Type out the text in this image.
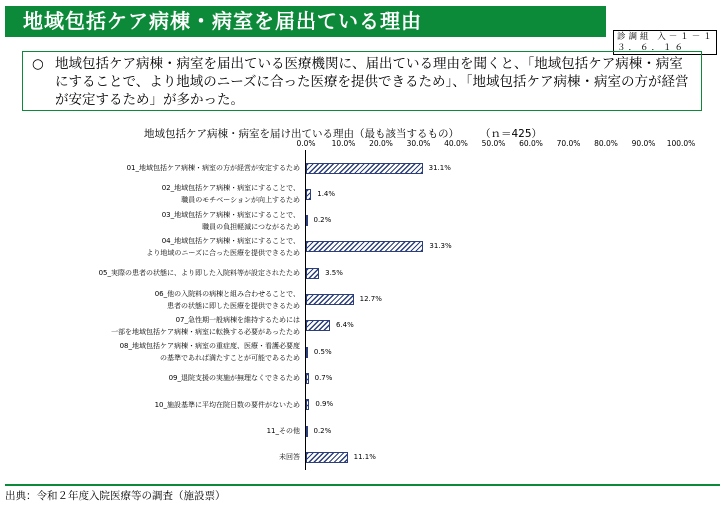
地域包括ケア病棟・病室を届出ている理由
診調組 入－１－１
３．６．１６
○ 地域包括ケア病棟・病室を届出ている医療機関に、届出ている理由を聞くと、「地域包括ケア病棟・病室にすることで、より地域のニーズに合った医療を提供できるため」、「地域包括ケア病棟・病室の方が経営が安定するため」が多かった。
地域包括ケア病棟・病室を届け出ている理由（最も該当するもの） （ｎ＝425）
0.0%	10.0%	20.0%	30.0%	40.0%	50.0%	60.0%	70.0%	80.0%	90.0%	100.0%
01_地域包括ケア病棟・病室の方が経営が安定するため	31.1%
02_地域包括ケア病棟・病室にすることで、
職員のモチベーションが向上するため
1.4%
03_地域包括ケア病棟・病室にすることで、
職員の負担軽減につながるため
0.2%
04_地域包括ケア病棟・病室にすることで、
より地域のニーズに合った医療を提供できるため
31.3%
05_実際の患者の状態に、より即した入院料等が設定されたため	3.5%
06_他の入院料の病棟と組み合わせることで、
患者の状態に即した医療を提供できるため
12.7%
07_急性期一般病棟を維持するためには
一部を地域包括ケア病棟・病室に転換する必要があったため
6.4%
08_地域包括ケア病棟・病室の重症度、医療・看護必要度
の基準であれば満たすことが可能であるため
0.5%
09_退院支援の実施が無理なくできるため 0.7%
10_施設基準に平均在院日数の要件がないため 0.9%
11_その他 0.2%
未回答	11.1%
出典：令和２年度入院医療等の調査（施設票）
